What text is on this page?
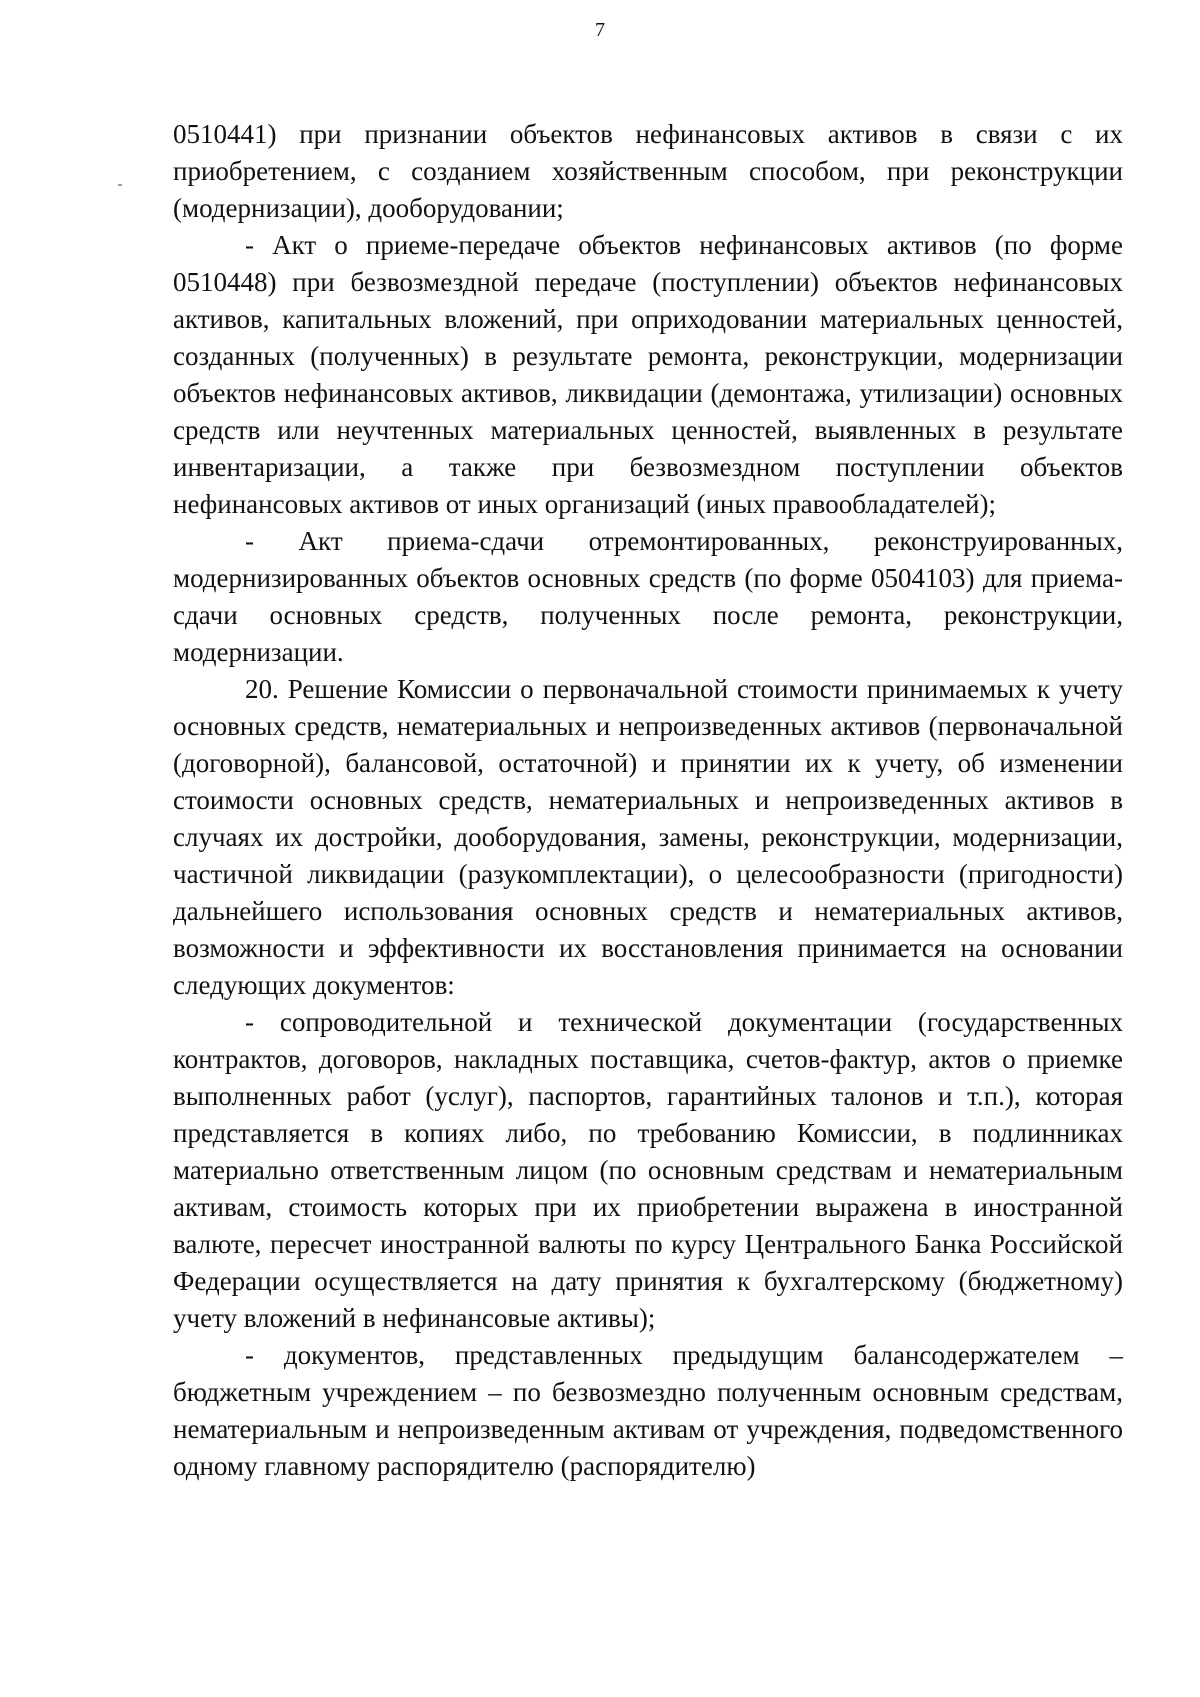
7

0510441) при признании объектов нефинансовых активов в связи с их приобретением, с созданием хозяйственным способом, при реконструкции (модернизации), дооборудовании;

- Акт о приеме-передаче объектов нефинансовых активов (по форме 0510448) при безвозмездной передаче (поступлении) объектов нефинансовых активов, капитальных вложений, при оприходовании материальных ценностей, созданных (полученных) в результате ремонта, реконструкции, модернизации объектов нефинансовых активов, ликвидации (демонтажа, утилизации) основных средств или неучтенных материальных ценностей, выявленных в результате инвентаризации, а также при безвозмездном поступлении объектов нефинансовых активов от иных организаций (иных правообладателей);

- Акт приема-сдачи отремонтированных, реконструированных, модернизированных объектов основных средств (по форме 0504103) для приема-сдачи основных средств, полученных после ремонта, реконструкции, модернизации.

20. Решение Комиссии о первоначальной стоимости принимаемых к учету основных средств, нематериальных и непроизведенных активов (первоначальной (договорной), балансовой, остаточной) и принятии их к учету, об изменении стоимости основных средств, нематериальных и непроизведенных активов в случаях их достройки, дооборудования, замены, реконструкции, модернизации, частичной ликвидации (разукомплектации), о целесообразности (пригодности) дальнейшего использования основных средств и нематериальных активов, возможности и эффективности их восстановления принимается на основании следующих документов:

- сопроводительной и технической документации (государственных контрактов, договоров, накладных поставщика, счетов-фактур, актов о приемке выполненных работ (услуг), паспортов, гарантийных талонов и т.п.), которая представляется в копиях либо, по требованию Комиссии, в подлинниках материально ответственным лицом (по основным средствам и нематериальным активам, стоимость которых при их приобретении выражена в иностранной валюте, пересчет иностранной валюты по курсу Центрального Банка Российской Федерации осуществляется на дату принятия к бухгалтерскому (бюджетному) учету вложений в нефинансовые активы);

- документов, представленных предыдущим балансодержателем – бюджетным учреждением – по безвозмездно полученным основным средствам, нематериальным и непроизведенным активам от учреждения, подведомственного одному главному распорядителю (распорядителю)
